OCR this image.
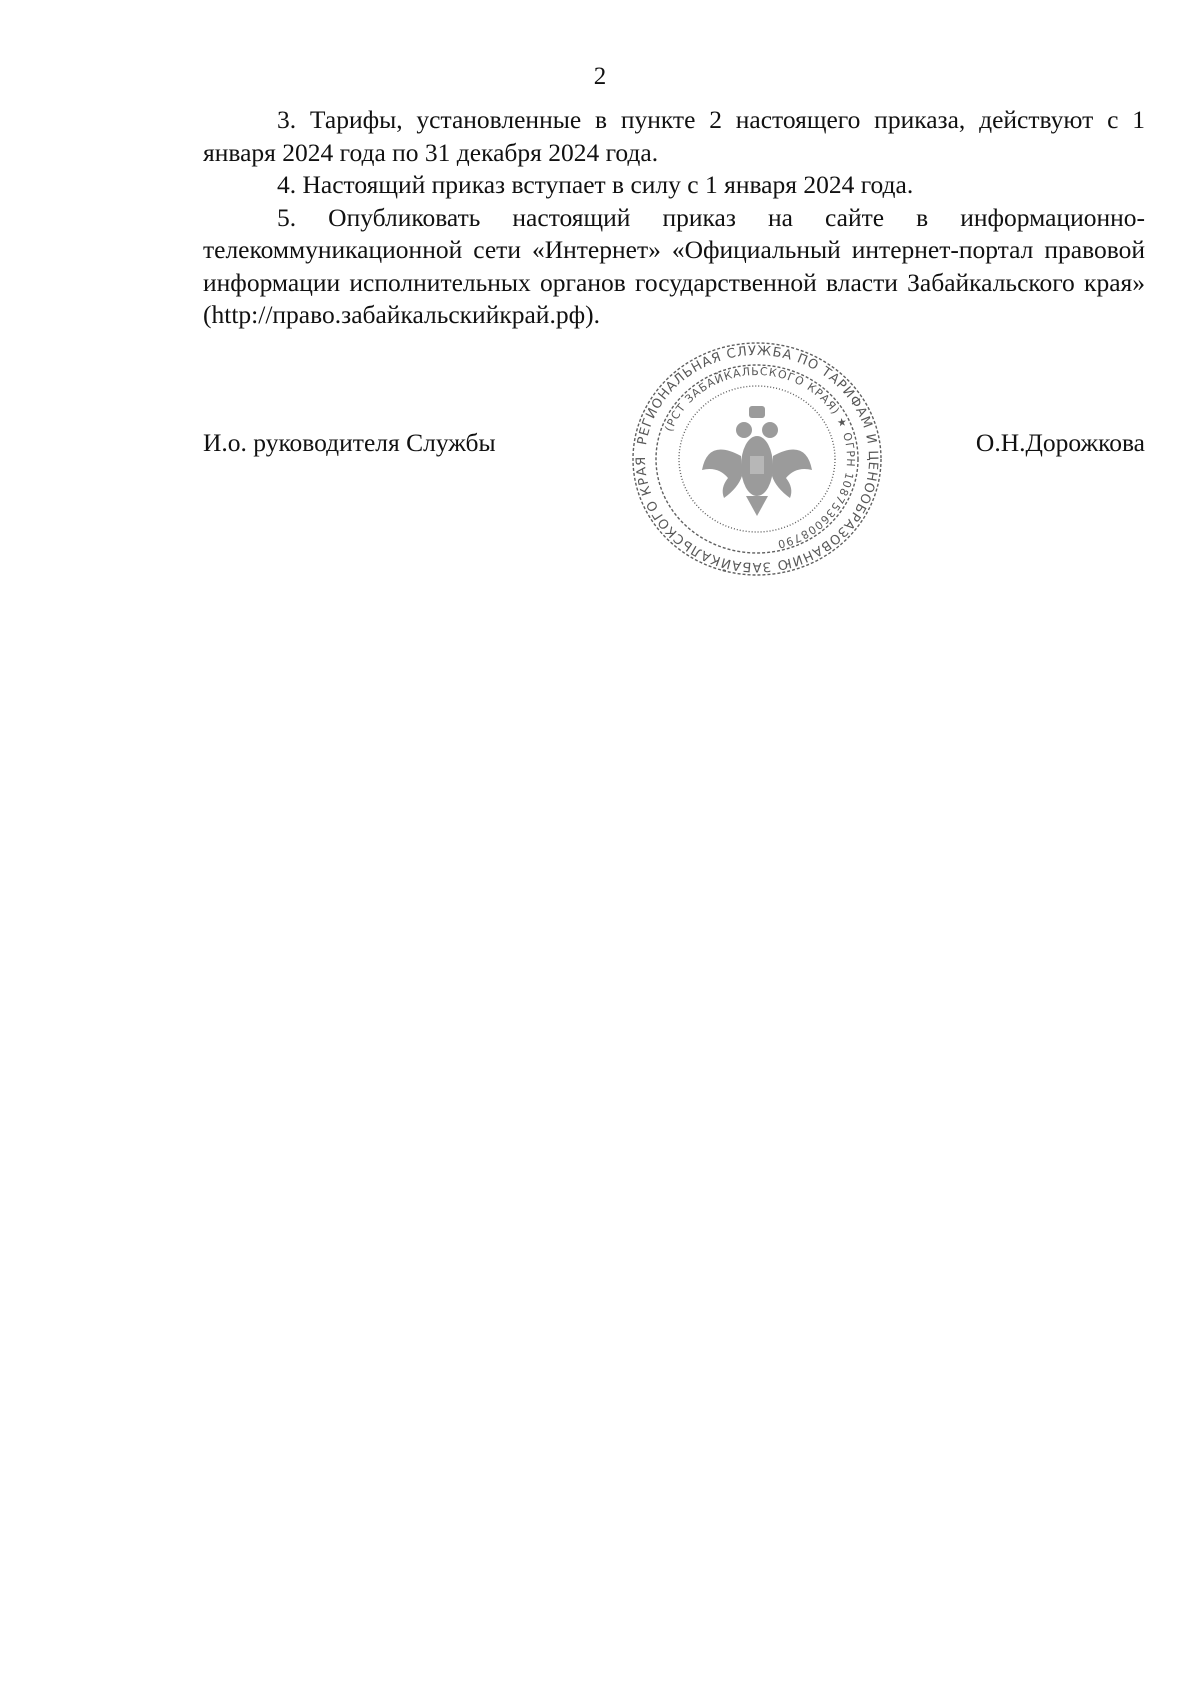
2

3. Тарифы, установленные в пункте 2 настоящего приказа, действуют с 1 января 2024 года по 31 декабря 2024 года.

4. Настоящий приказ вступает в силу с 1 января 2024 года.

5. Опубликовать настоящий приказ на сайте в информационно-телекоммуникационной сети «Интернет» «Официальный интернет-портал правовой информации исполнительных органов государственной власти Забайкальского края» (http://право.забайкальскийкрай.рф).

И.о. руководителя Службы	О.Н.Дорожкова
РЕГИОНАЛЬНАЯ СЛУЖБА ПО ТАРИФАМ И ЦЕНООБРАЗОВАНИЮ ЗАБАЙКАЛЬСКОГО КРАЯ
(РСТ ЗАБАЙКАЛЬСКОГО КРАЯ) ★ ОГРН 1087536008790
